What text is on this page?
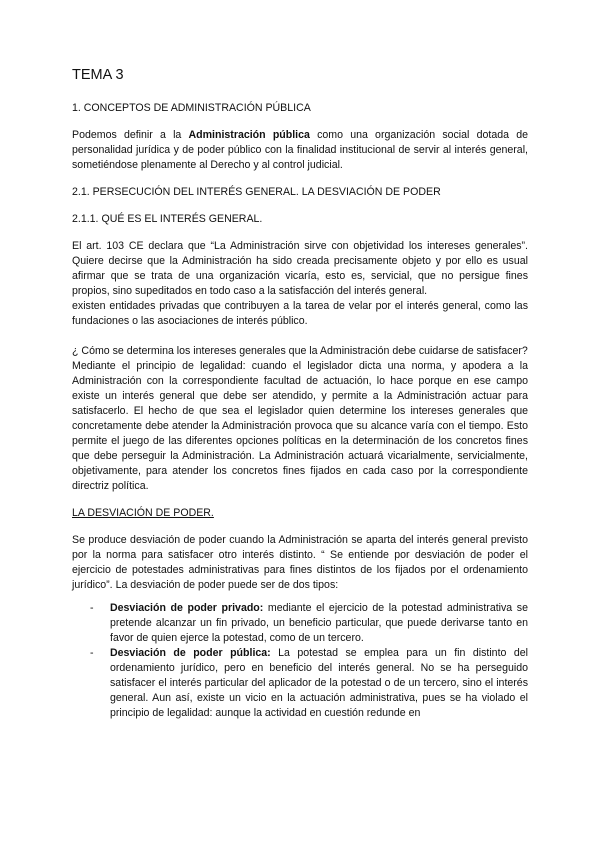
TEMA 3
1. CONCEPTOS DE ADMINISTRACIÓN PÚBLICA

Podemos definir a la Administración pública como una organización social dotada de personalidad jurídica y de poder público con la finalidad institucional de servir al interés general, sometiéndose plenamente al Derecho y al control judicial.

2.1. PERSECUCIÓN DEL INTERÉS GENERAL. LA DESVIACIÓN DE PODER
2.1.1. QUÉ ES EL INTERÉS GENERAL.

El art. 103 CE declara que “La Administración sirve con objetividad los intereses generales”. Quiere decirse que la Administración ha sido creada precisamente objeto y por ello es usual afirmar que se trata de una organización vicaría, esto es, servicial, que no persigue fines propios, sino supeditados en todo caso a la satisfacción del interés general.

existen entidades privadas que contribuyen a la tarea de velar por el interés general, como las fundaciones o las asociaciones de interés público.

¿ Cómo se determina los intereses generales que la Administración debe cuidarse de satisfacer?

Mediante el principio de legalidad: cuando el legislador dicta una norma, y apodera a la Administración con la correspondiente facultad de actuación, lo hace porque en ese campo existe un interés general que debe ser atendido, y permite a la Administración actuar para satisfacerlo. El hecho de que sea el legislador quien determine los intereses generales que concretamente debe atender la Administración provoca que su alcance varía con el tiempo. Esto permite el juego de las diferentes opciones políticas en la determinación de los concretos fines que debe perseguir la Administración. La Administración actuará vicarialmente, servicialmente, objetivamente, para atender los concretos fines fijados en cada caso por la correspondiente directriz política.

LA DESVIACIÓN DE PODER.

Se produce desviación de poder cuando la Administración se aparta del interés general previsto por la norma para satisfacer otro interés distinto. “ Se entiende por desviación de poder el ejercicio de potestades administrativas para fines distintos de los fijados por el ordenamiento jurídico”. La desviación de poder puede ser de dos tipos:

- Desviación de poder privado: mediante el ejercicio de la potestad administrativa se pretende alcanzar un fin privado, un beneficio particular, que puede derivarse tanto en favor de quien ejerce la potestad, como de un tercero.
- Desviación de poder pública: La potestad se emplea para un fin distinto del ordenamiento jurídico, pero en beneficio del interés general. No se ha perseguido satisfacer el interés particular del aplicador de la potestad o de un tercero, sino el interés general. Aun así, existe un vicio en la actuación administrativa, pues se ha violado el principio de legalidad: aunque la actividad en cuestión redunde en
